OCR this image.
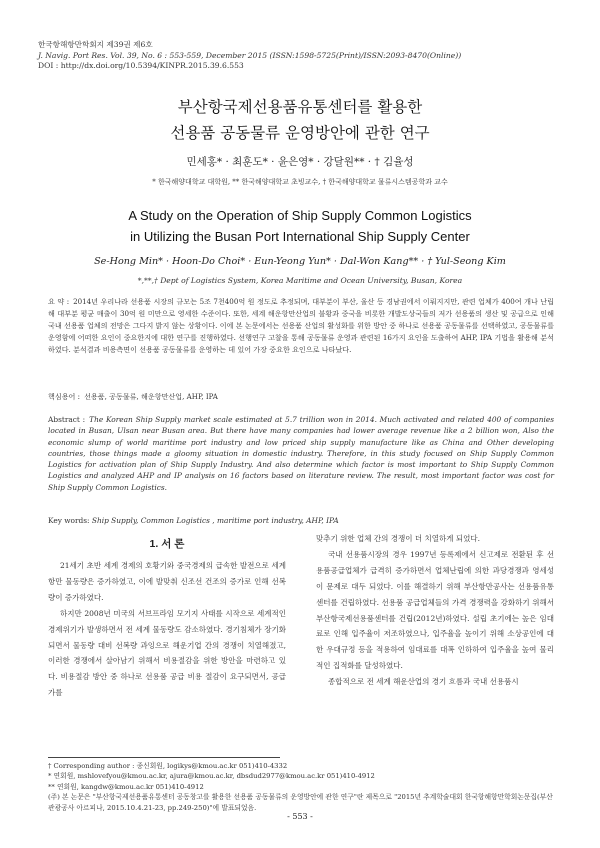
한국항해항만학회지 제39권 제6호
J. Navig. Port Res. Vol. 39, No. 6 : 553-559, December 2015 (ISSN:1598-5725(Print)/ISSN:2093-8470(Online))
DOI : http://dx.doi.org/10.5394/KINPR.2015.39.6.553
부산항국제선용품유통센터를 활용한
선용품 공동물류 운영방안에 관한 연구
민세홍* · 최훈도* · 윤은영* · 강달원** · † 김율성
* 한국해양대학교 대학원, ** 한국해양대학교 초빙교수, † 한국해양대학교 물류시스템공학과 교수
A Study on the Operation of Ship Supply Common Logistics
in Utilizing the Busan Port International Ship Supply Center
Se-Hong Min* · Hoon-Do Choi* · Eun-Yeong Yun* · Dal-Won Kang** · † Yul-Seong Kim
*,**,† Dept of Logistics System, Korea Maritime and Ocean University, Busan, Korea
요 약 : 2014년 우리나라 선용품 시장의 규모는 5조 7천400억 원 정도로 추정되며, 대부분이 부산, 울산 등 경남권에서 이뤄지지만, 관련 업체가 400여 개나 난립해 대부분 평균 매출이 30억 원 미만으로 영세한 수준이다. 또한, 세계 해운항만산업의 불황과 중국을 비롯한 개발도상국들의 저가 선용품의 생산 및 공급으로 인해 국내 선용품 업체의 전망은 그다지 밝지 않는 상황이다. 이에 본 논문에서는 선용품 산업의 활성화를 위한 방안 중 하나로 선용품 공동물류를 선택하였고, 공동물류를 운영함에 어떠한 요인이 중요한지에 대한 연구를 진행하였다. 선행연구 고찰을 통해 공동물류 운영과 관련된 16가지 요인을 도출하여 AHP, IPA 기법을 활용해 분석 하였다. 분석결과 비용측면이 선용품 공동물류를 운영하는 데 있어 가장 중요한 요인으로 나타났다.
핵심용어 : 선용품, 공동물류, 해운항만산업, AHP, IPA
Abstract : The Korean Ship Supply market scale estimated at 5.7 trillion won in 2014. Much activated and related 400 of companies located in Busan, Ulsan near Busan area. But there have many companies had lower average revenue like a 2 billion won, Also the economic slump of world maritime port industry and low priced ship supply manufacture like as China and Other developing countries, those things made a gloomy situation in domestic industry. Therefore, in this study focused on Ship Supply Common Logistics for activation plan of Ship Supply Industry. And also determine which factor is most important to Ship Supply Common Logistics and analyzed AHP and IP analysis on 16 factors based on literature review. The result, most important factor was cost for Ship Supply Common Logistics.
Key words: Ship Supply, Common Logistics , maritime port industry, AHP, IPA
1. 서 론

21세기 초반 세계 경제의 호황기와 중국경제의 급속한 발전으로 세계 항만 물동량은 증가하였고, 이에 발맞춰 신조선 건조의 증가로 인해 선복량이 증가하였다.

하지만 2008년 미국의 서브프라임 모기지 사태를 시작으로 세계적인 경제위기가 발생하면서 전 세계 물동량도 감소하였다. 경기침체가 장기화되면서 물동량 대비 선복량 과잉으로 해운기업 간의 경쟁이 치열해졌고, 이러한 경쟁에서 살아남기 위해서 비용절감을 위한 방안을 마련하고 있다. 비용절감 방안 중 하나로 선용품 공급 비용 절감이 요구되면서, 공급가를

맞추기 위한 업체 간의 경쟁이 더 치열하게 되었다.

국내 선용품시장의 경우 1997년 등록제에서 신고제로 전환된 후 선용품공급업체가 급격히 증가하면서 업체난립에 의한 과당경쟁과 영세성이 문제로 대두 되었다. 이를 해결하기 위해 부산항만공사는 선용품유통센터를 건립하였다. 선용품 공급업체들의 가격 경쟁력을 강화하기 위해서 부산항국제선용품센터를 건립(2012년)하였다. 설립 초기에는 높은 임대료로 인해 입주율이 저조하였으나, 입주율을 높이기 위해 소상공인에 대한 우대규정 등을 적용하여 임대료를 대폭 인하하여 입주율을 높여 물리적인 집적화를 달성하였다.

종합적으로 전 세계 해운산업의 경기 흐름과 국내 선용품시

† Corresponding author : 종신회원, logikys@kmou.ac.kr 051)410-4332
* 연회원, mshlovefyou@kmou.ac.kr, ajura@kmou.ac.kr, dbsdud2977@kmou.ac.kr 051)410-4912
** 연회원, kangdw@kmou.ac.kr 051)410-4912
(주) 본 논문은 "부산항국제선용품유통센터 공동창고를 활용한 선용품 공동물류의 운영방안에 관한 연구"란 제목으로 "2015년 추계학술대회 한국항해항만학회논문집(부산관광공사 아르피나, 2015.10.4.21-23, pp.249-250)"에 발표되었음.
- 553 -
